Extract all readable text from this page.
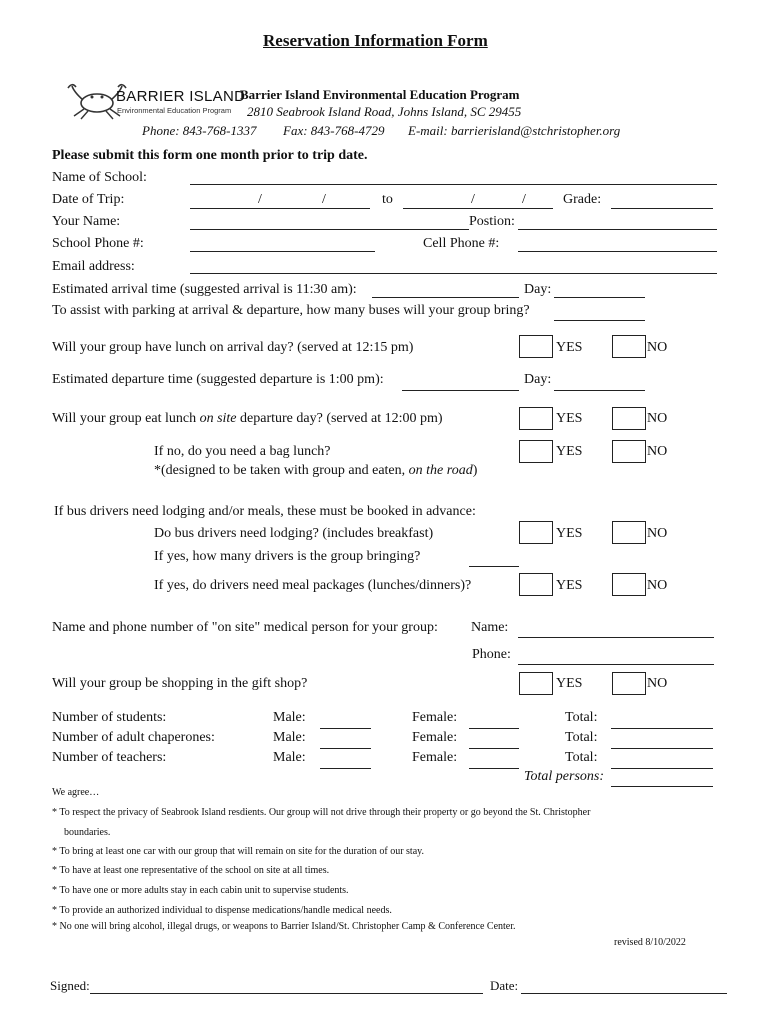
Reservation Information Form
BARRIER ISLAND
Environmental Education Program
Barrier Island Environmental Education Program
2810 Seabrook Island Road, Johns Island, SC 29455
Phone: 843-768-1337 Fax: 843-768-4729 E-mail: barrierisland@stchristopher.org
Please submit this form one month prior to trip date.
Name of School:
Date of Trip:	/	/	to	/	/	Grade:
Your Name:	Postion:
School Phone #:	Cell Phone #:
Email address:
Estimated arrival time (suggested arrival is 11:30 am):	Day:
To assist with parking at arrival & departure, how many buses will your group bring?
Will your group have lunch on arrival day? (served at 12:15 pm)	YES	NO
Estimated departure time (suggested departure is 1:00 pm):	Day:
Will your group eat lunch on site departure day? (served at 12:00 pm)	YES	NO
If no, do you need a bag lunch?
*(designed to be taken with group and eaten, on the road)
YES	NO
If bus drivers need lodging and/or meals, these must be booked in advance:
Do bus drivers need lodging? (includes breakfast)	YES	NO
If yes, how many drivers is the group bringing?
If yes, do drivers need meal packages (lunches/dinners)?	YES	NO
Name and phone number of "on site" medical person for your group: Name:
Phone:
Will your group be shopping in the gift shop?	YES	NO
Number of students:	Male:	Female:	Total:
Number of adult chaperones:	Male:	Female:	Total:
Number of teachers:	Male:	Female:	Total:
Total persons:
We agree…
* To respect the privacy of Seabrook Island resdients. Our group will not drive through their property or go beyond the St. Christopher
boundaries.
* To bring at least one car with our group that will remain on site for the duration of our stay.
* To have at least one representative of the school on site at all times.
* To have one or more adults stay in each cabin unit to supervise students.
* To provide an authorized individual to dispense medications/handle medical needs.
* No one will bring alcohol, illegal drugs, or weapons to Barrier Island/St. Christopher Camp & Conference Center.
revised 8/10/2022
Signed:	Date:
